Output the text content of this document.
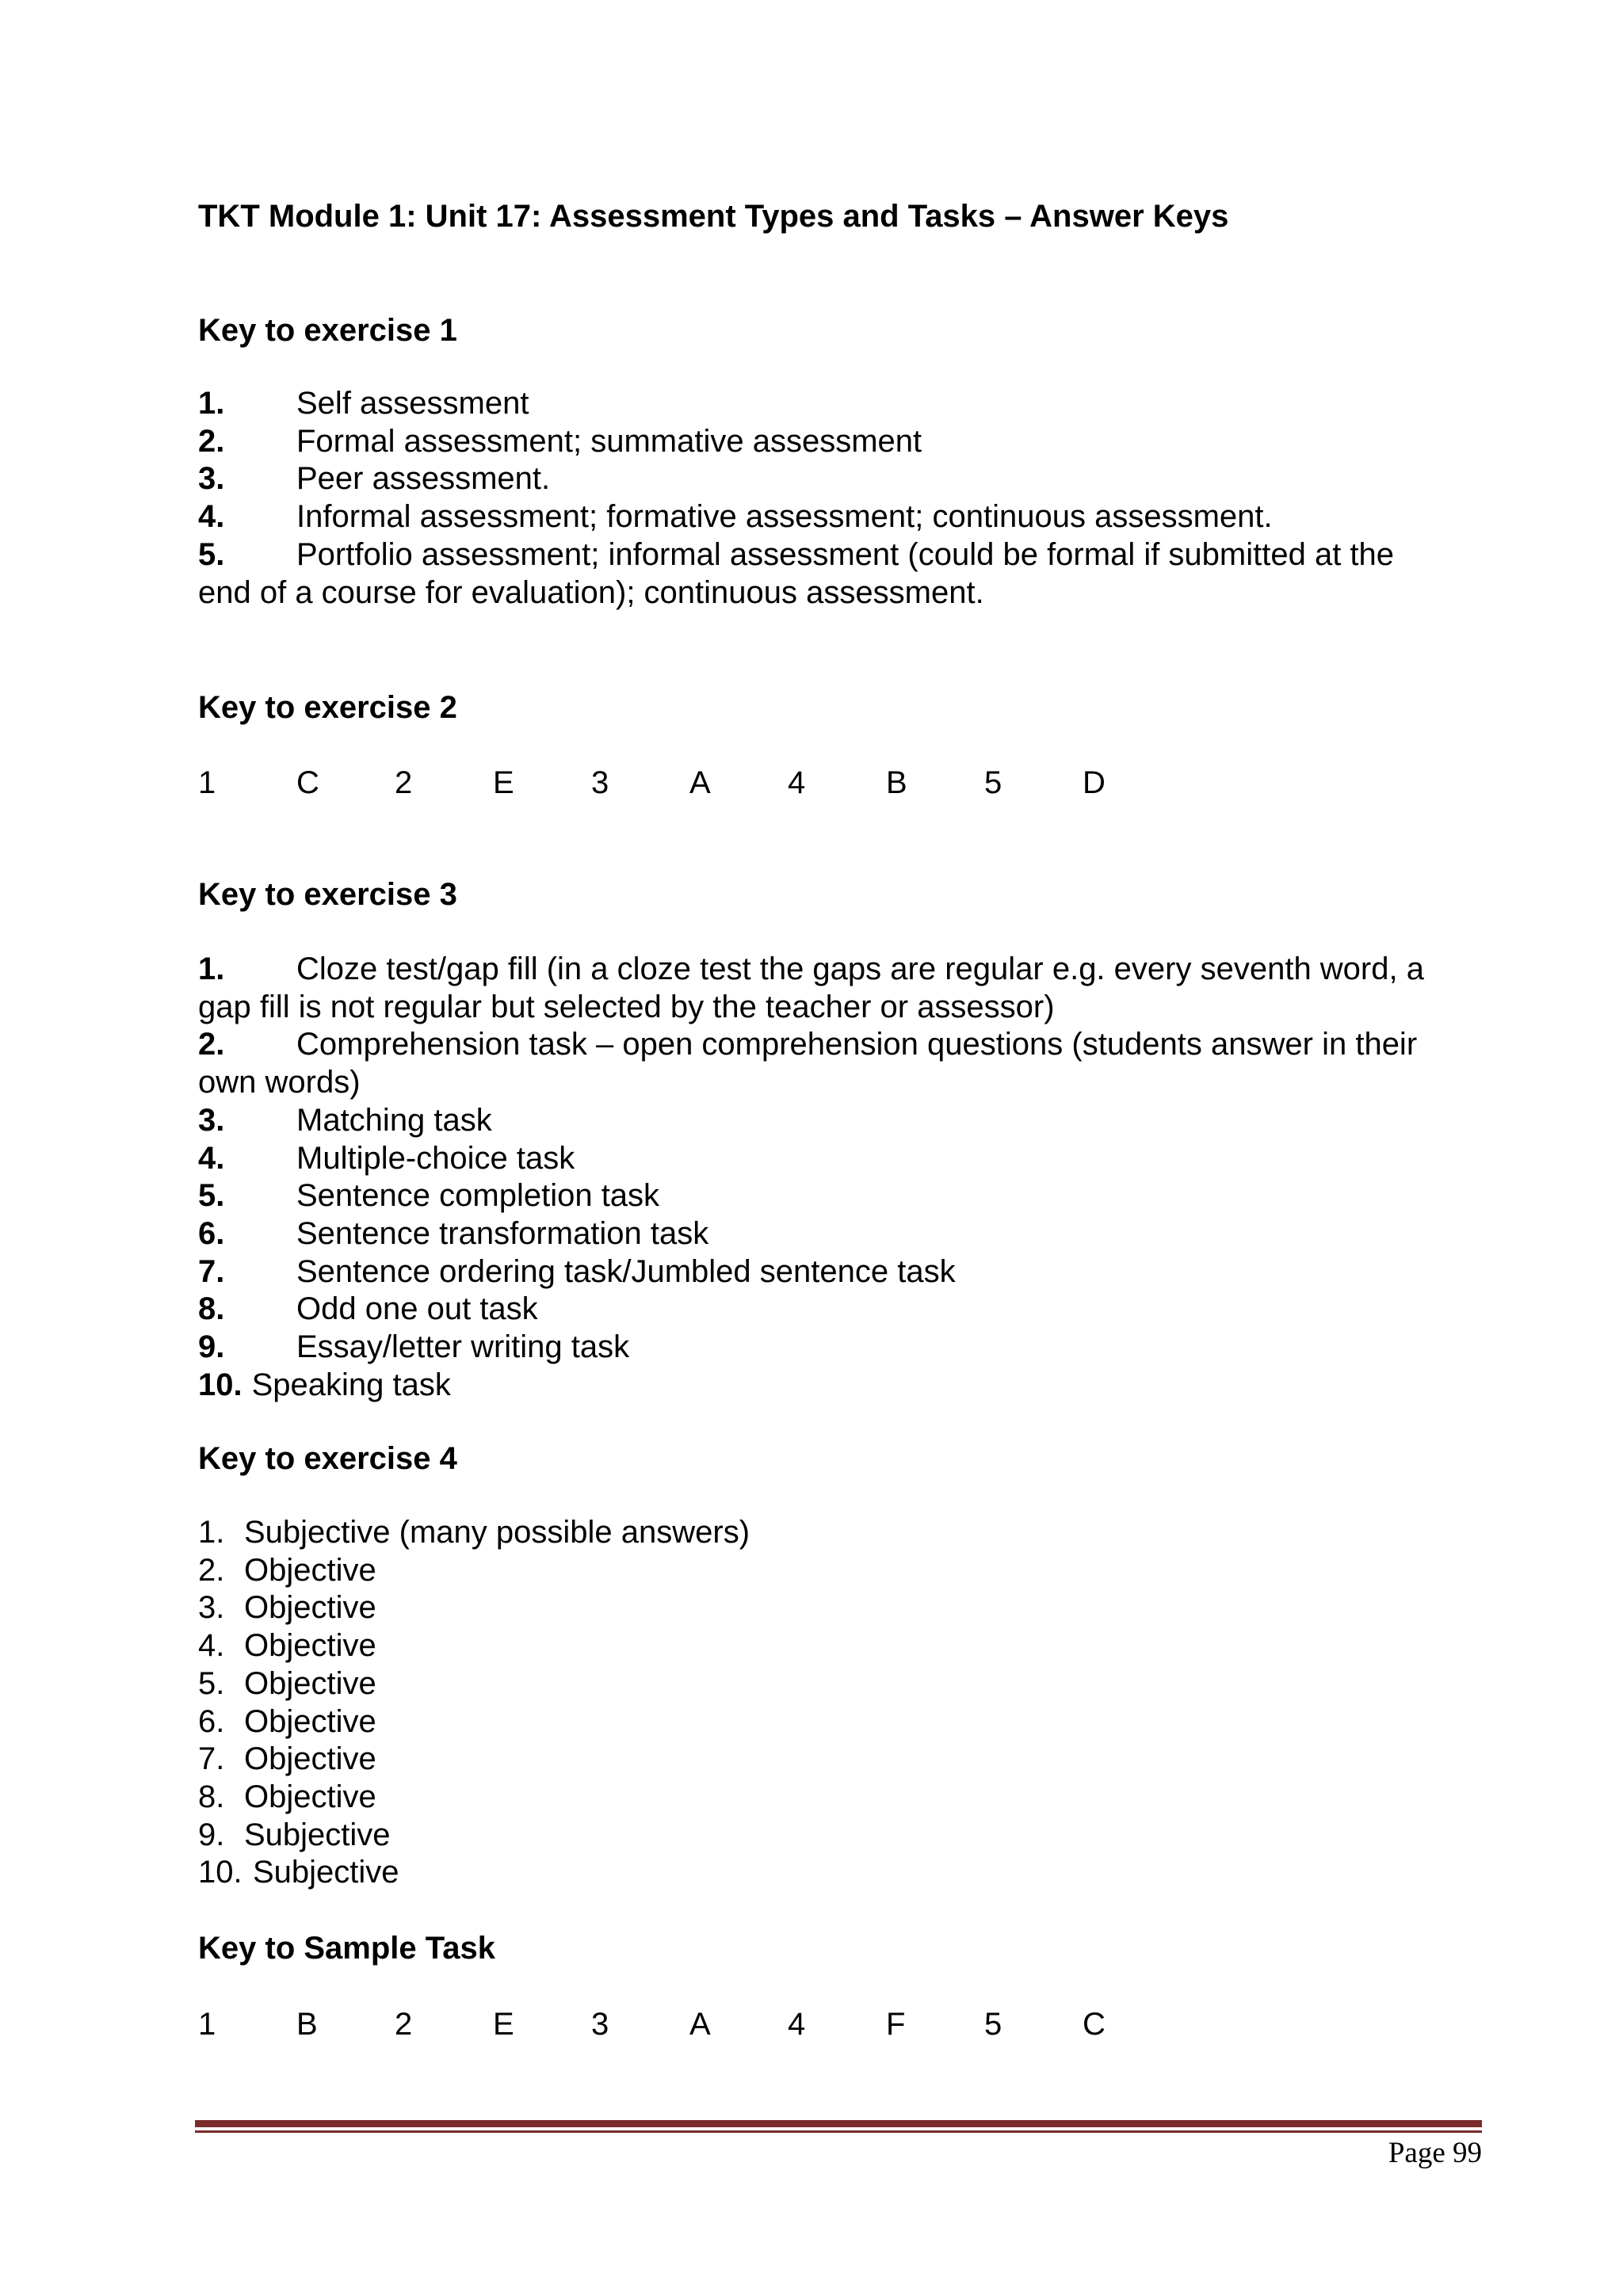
TKT Module 1: Unit 17: Assessment Types and Tasks – Answer Keys
Key to exercise 1
1. Self assessment
2. Formal assessment; summative assessment
3. Peer assessment.
4. Informal assessment; formative assessment; continuous assessment.
5. Portfolio assessment; informal assessment (could be formal if submitted at the
end of a course for evaluation); continuous assessment.
Key to exercise 2
1	C 2	E 3	A 4	B 5	D
Key to exercise 3
1. Cloze test/gap fill (in a cloze test the gaps are regular e.g. every seventh word, a
gap fill is not regular but selected by the teacher or assessor)
2. Comprehension task – open comprehension questions (students answer in their
own words)
3. Matching task
4. Multiple-choice task
5. Sentence completion task
6. Sentence transformation task
7. Sentence ordering task/Jumbled sentence task
8. Odd one out task
9. Essay/letter writing task
10. Speaking task
Key to exercise 4
1. Subjective (many possible answers)
2. Objective
3. Objective
4. Objective
5. Objective
6. Objective
7. Objective
8. Objective
9. Subjective
10. Subjective
Key to Sample Task
1	B 2	E 3	A 4	F 5	C
Page 99
